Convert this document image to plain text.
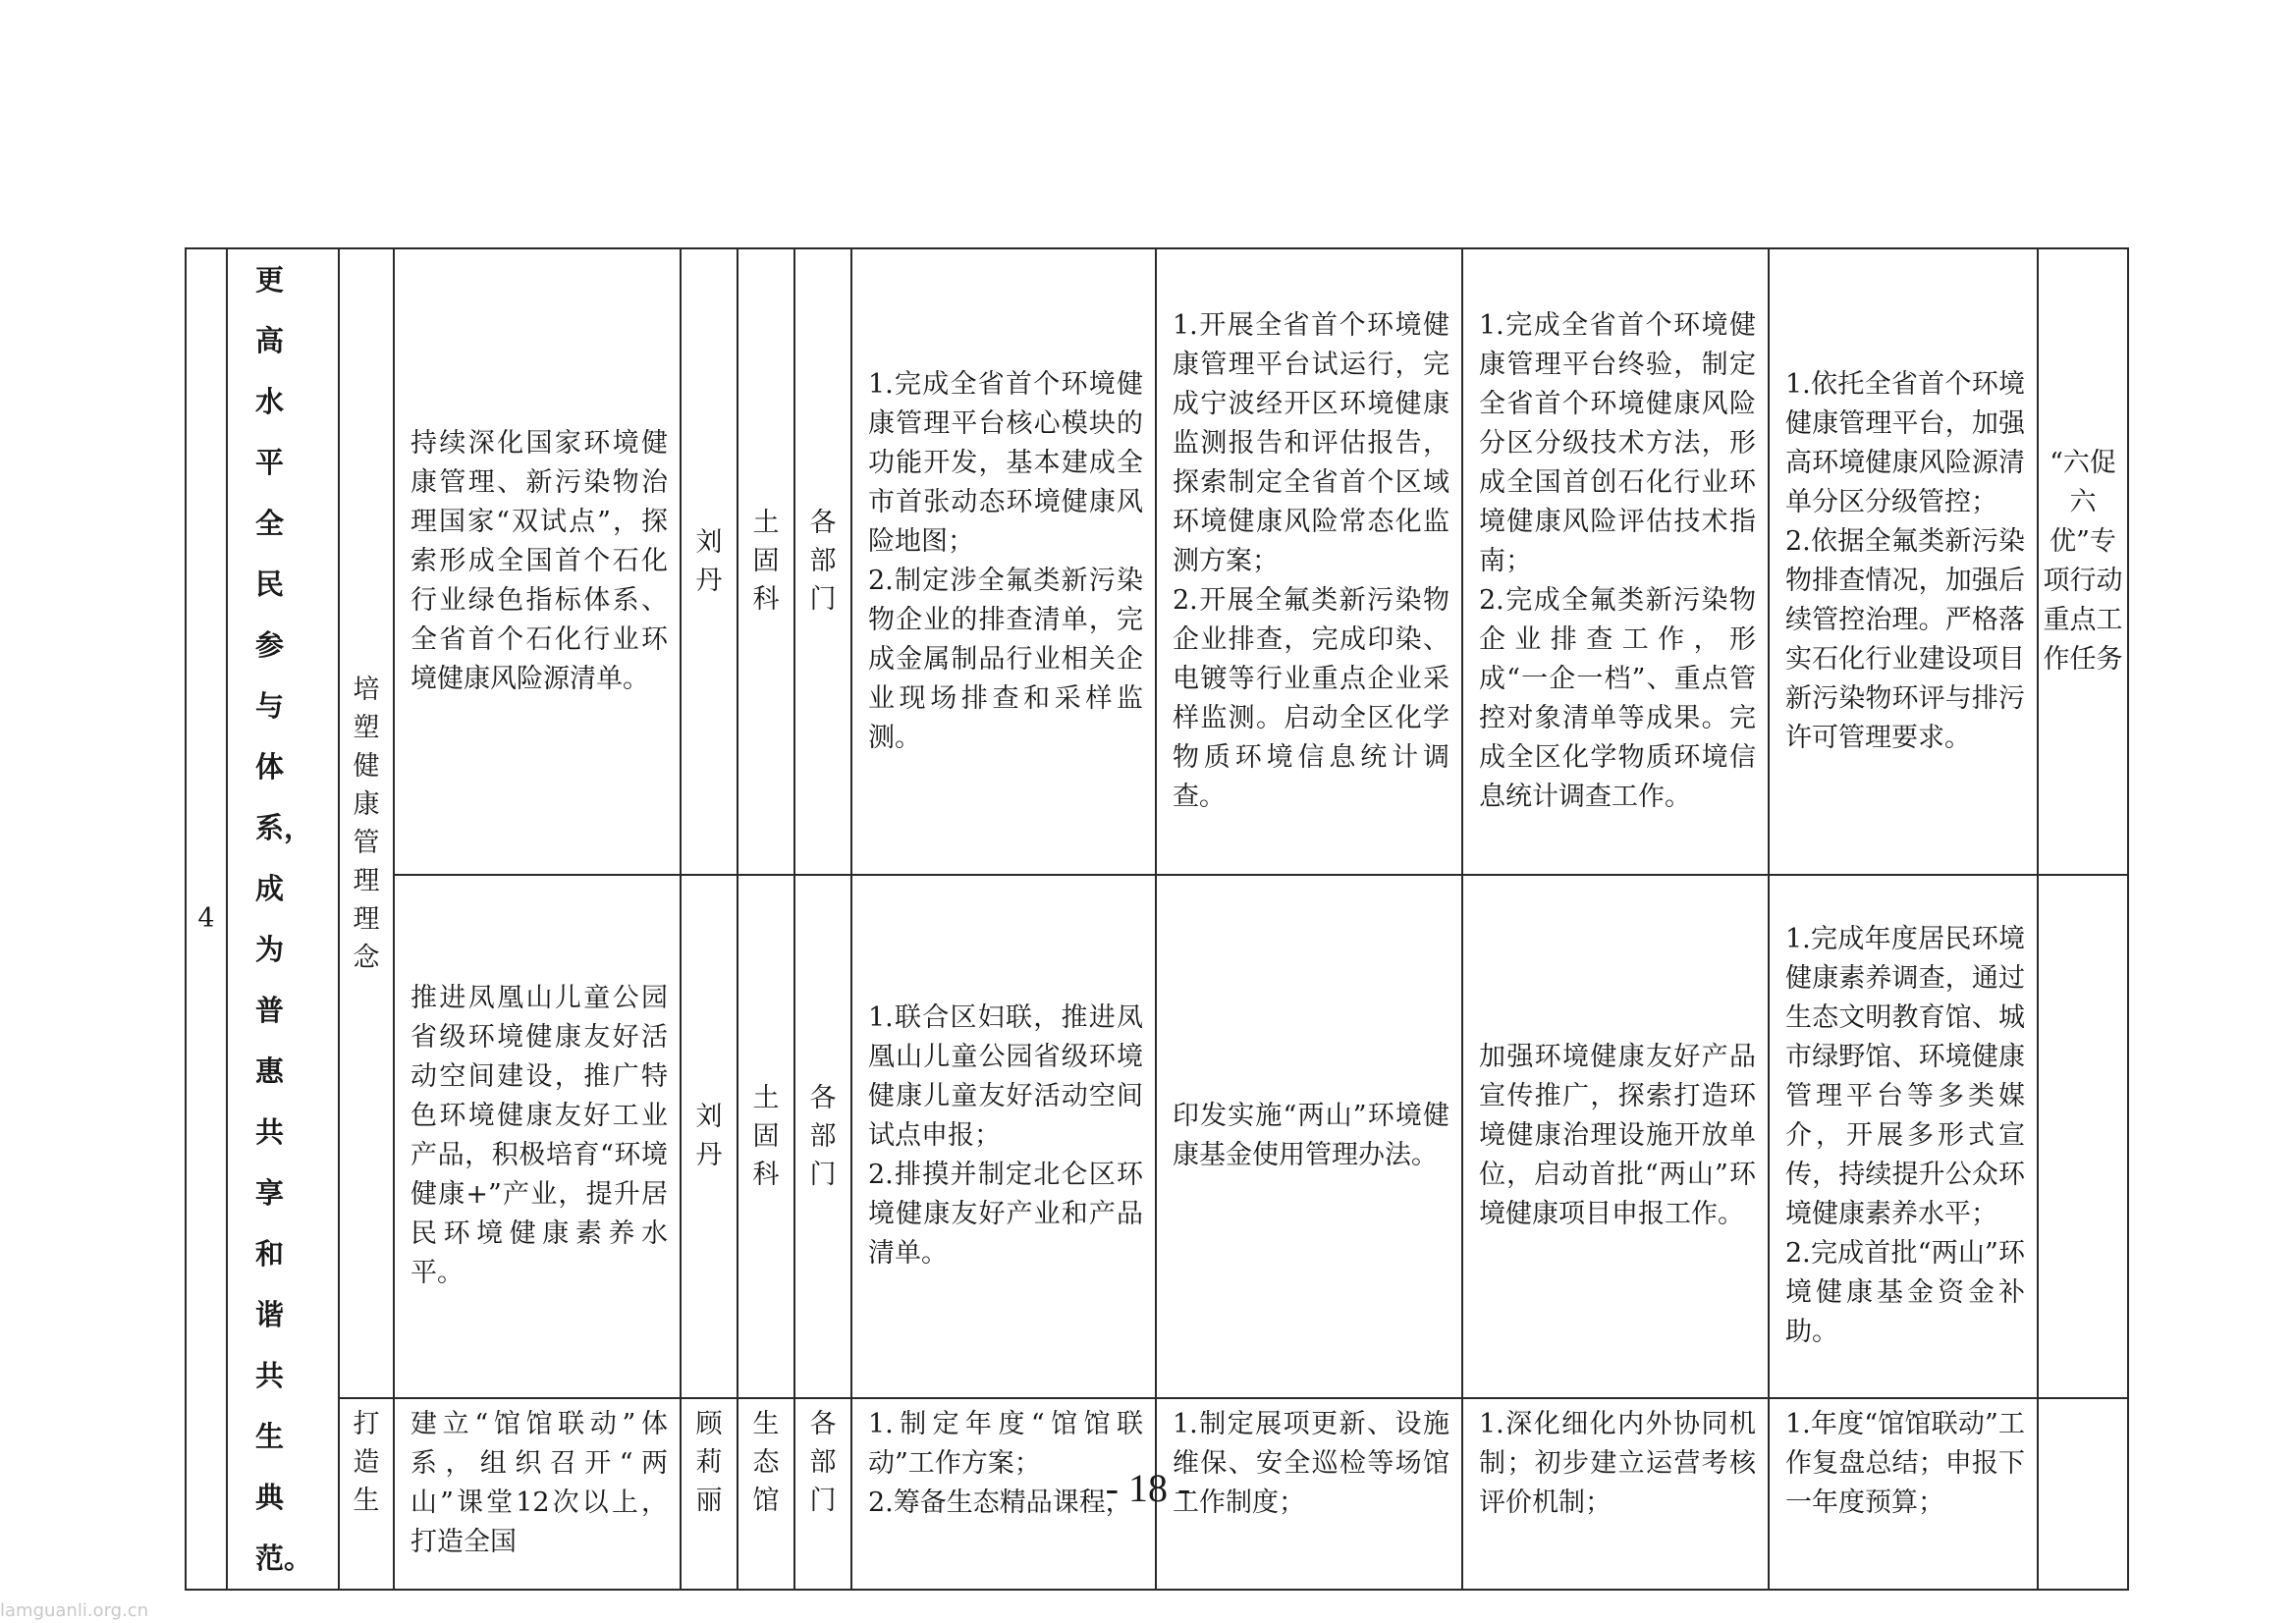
4	更高水平全民参与体系，成为普惠共享和谐共生典范。	培塑健康管理理念	持续深化国家环境健康管理、新污染物治理国家“双试点”，探索形成全国首个石化行业绿色指标体系、全省首个石化行业环境健康风险源清单。	刘丹	土固科	各部门	1.完成全省首个环境健康管理平台核心模块的功能开发，基本建成全市首张动态环境健康风险地图；
2.制定涉全氟类新污染物企业的排查清单，完成金属制品行业相关企业现场排查和采样监测。	1.开展全省首个环境健康管理平台试运行，完成宁波经开区环境健康监测报告和评估报告，探索制定全省首个区域环境健康风险常态化监测方案；
2.开展全氟类新污染物企业排查，完成印染、电镀等行业重点企业采样监测。启动全区化学物质环境信息统计调查。	1.完成全省首个环境健康管理平台终验，制定全省首个环境健康风险分区分级技术方法，形成全国首创石化行业环境健康风险评估技术指南；
2.完成全氟类新污染物企业排查工作，形成“一企一档”、重点管控对象清单等成果。完成全区化学物质环境信息统计调查工作。	1.依托全省首个环境健康管理平台，加强高环境健康风险源清单分区分级管控；
2.依据全氟类新污染物排查情况，加强后续管控治理。严格落实石化行业建设项目新污染物环评与排污许可管理要求。	“六促六优”专项行动重点工作任务

			推进凤凰山儿童公园省级环境健康友好活动空间建设，推广特色环境健康友好工业产品，积极培育“环境健康+”产业，提升居民环境健康素养水平。	刘丹	土固科	各部门	1.联合区妇联，推进凤凰山儿童公园省级环境健康儿童友好活动空间试点申报；
2.排摸并制定北仑区环境健康友好产业和产品清单。	印发实施“两山”环境健康基金使用管理办法。	加强环境健康友好产品宣传推广，探索打造环境健康治理设施开放单位，启动首批“两山”环境健康项目申报工作。	1.完成年度居民环境健康素养调查，通过生态文明教育馆、城市绿野馆、环境健康管理平台等多类媒介，开展多形式宣传，持续提升公众环境健康素养水平；
2.完成首批“两山”环境健康基金资金补助。	

		打造生	建立“馆馆联动”体系，组织召开“两山”课堂12次以上，打造全国	顾莉丽	生态馆	各部门	1.制定年度“馆馆联动”工作方案；
2.筹备生态精品课程，	1.制定展项更新、设施维保、安全巡检等场馆工作制度；	1.深化细化内外协同机制；初步建立运营考核评价机制；	1.年度“馆馆联动”工作复盘总结；申报下一年度预算；	

- 18 -
lamguanli.org.cn
